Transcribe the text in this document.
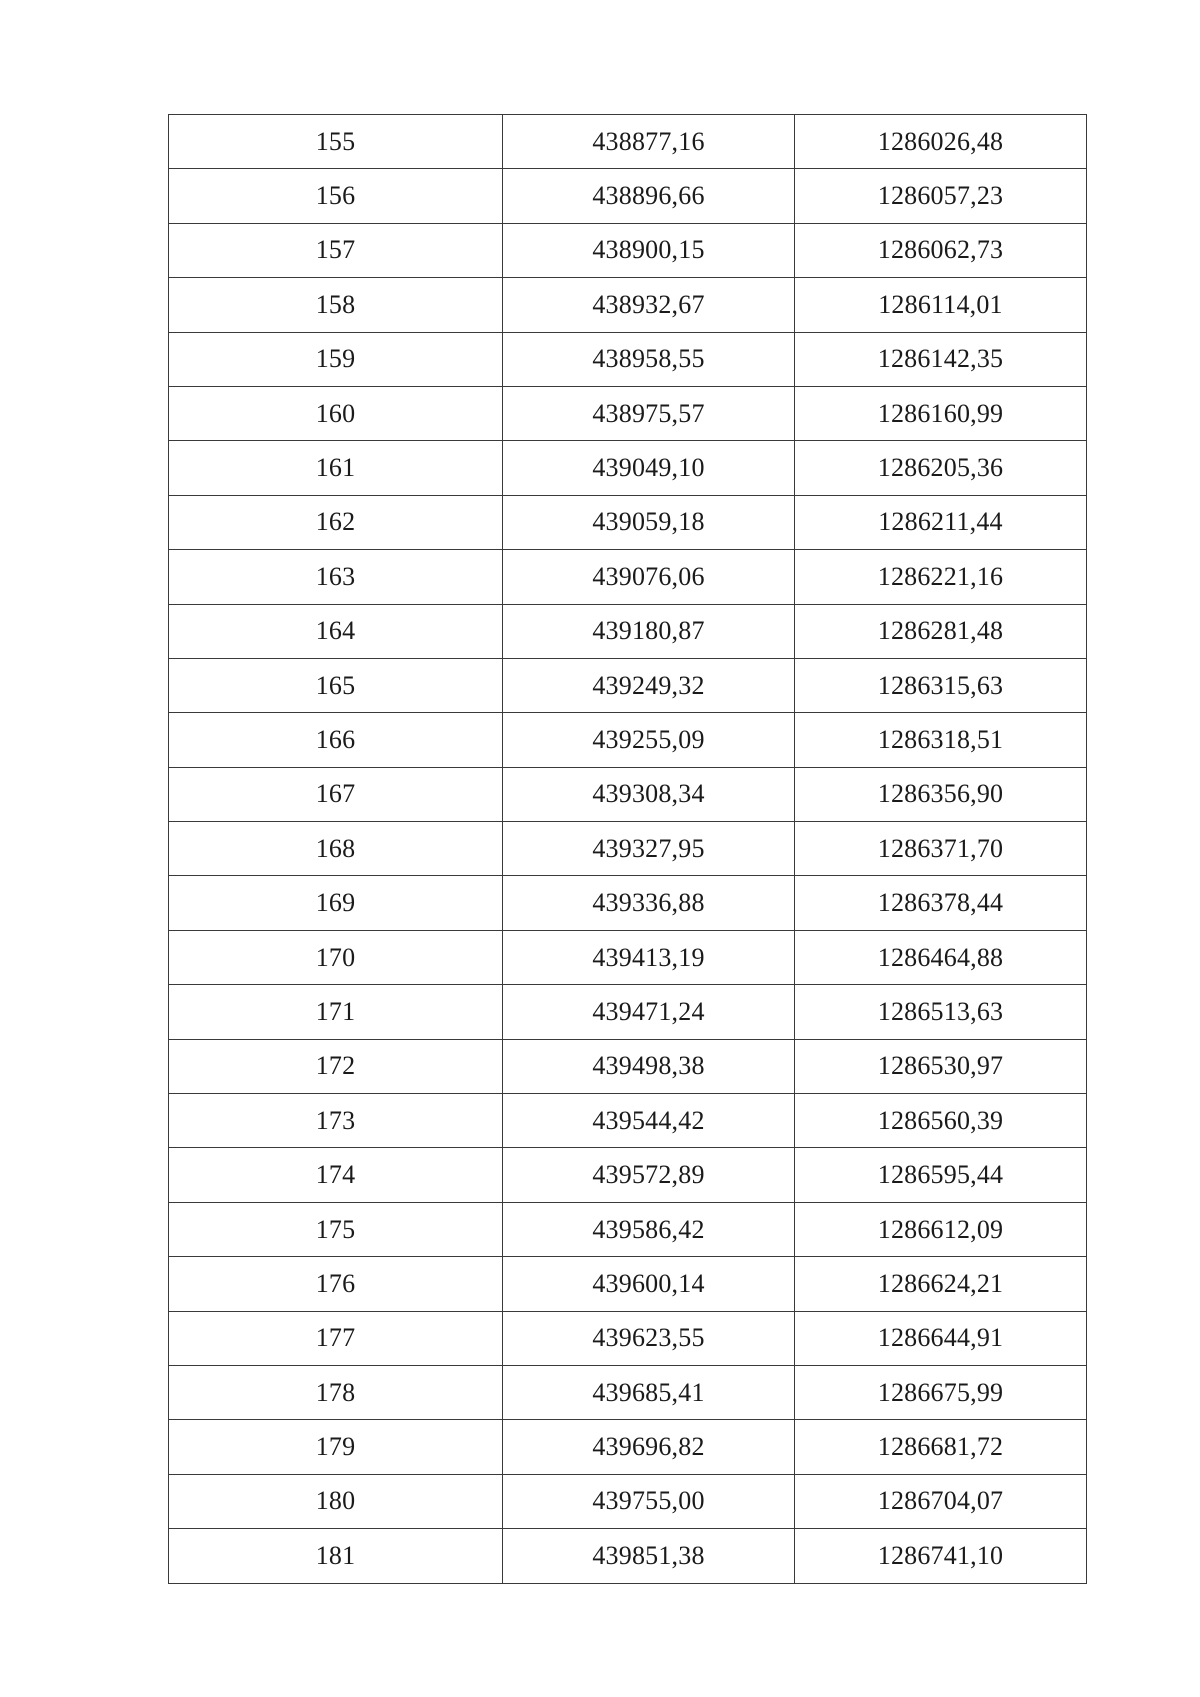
155	438877,16	1286026,48
156	438896,66	1286057,23
157	438900,15	1286062,73
158	438932,67	1286114,01
159	438958,55	1286142,35
160	438975,57	1286160,99
161	439049,10	1286205,36
162	439059,18	1286211,44
163	439076,06	1286221,16
164	439180,87	1286281,48
165	439249,32	1286315,63
166	439255,09	1286318,51
167	439308,34	1286356,90
168	439327,95	1286371,70
169	439336,88	1286378,44
170	439413,19	1286464,88
171	439471,24	1286513,63
172	439498,38	1286530,97
173	439544,42	1286560,39
174	439572,89	1286595,44
175	439586,42	1286612,09
176	439600,14	1286624,21
177	439623,55	1286644,91
178	439685,41	1286675,99
179	439696,82	1286681,72
180	439755,00	1286704,07
181	439851,38	1286741,10
